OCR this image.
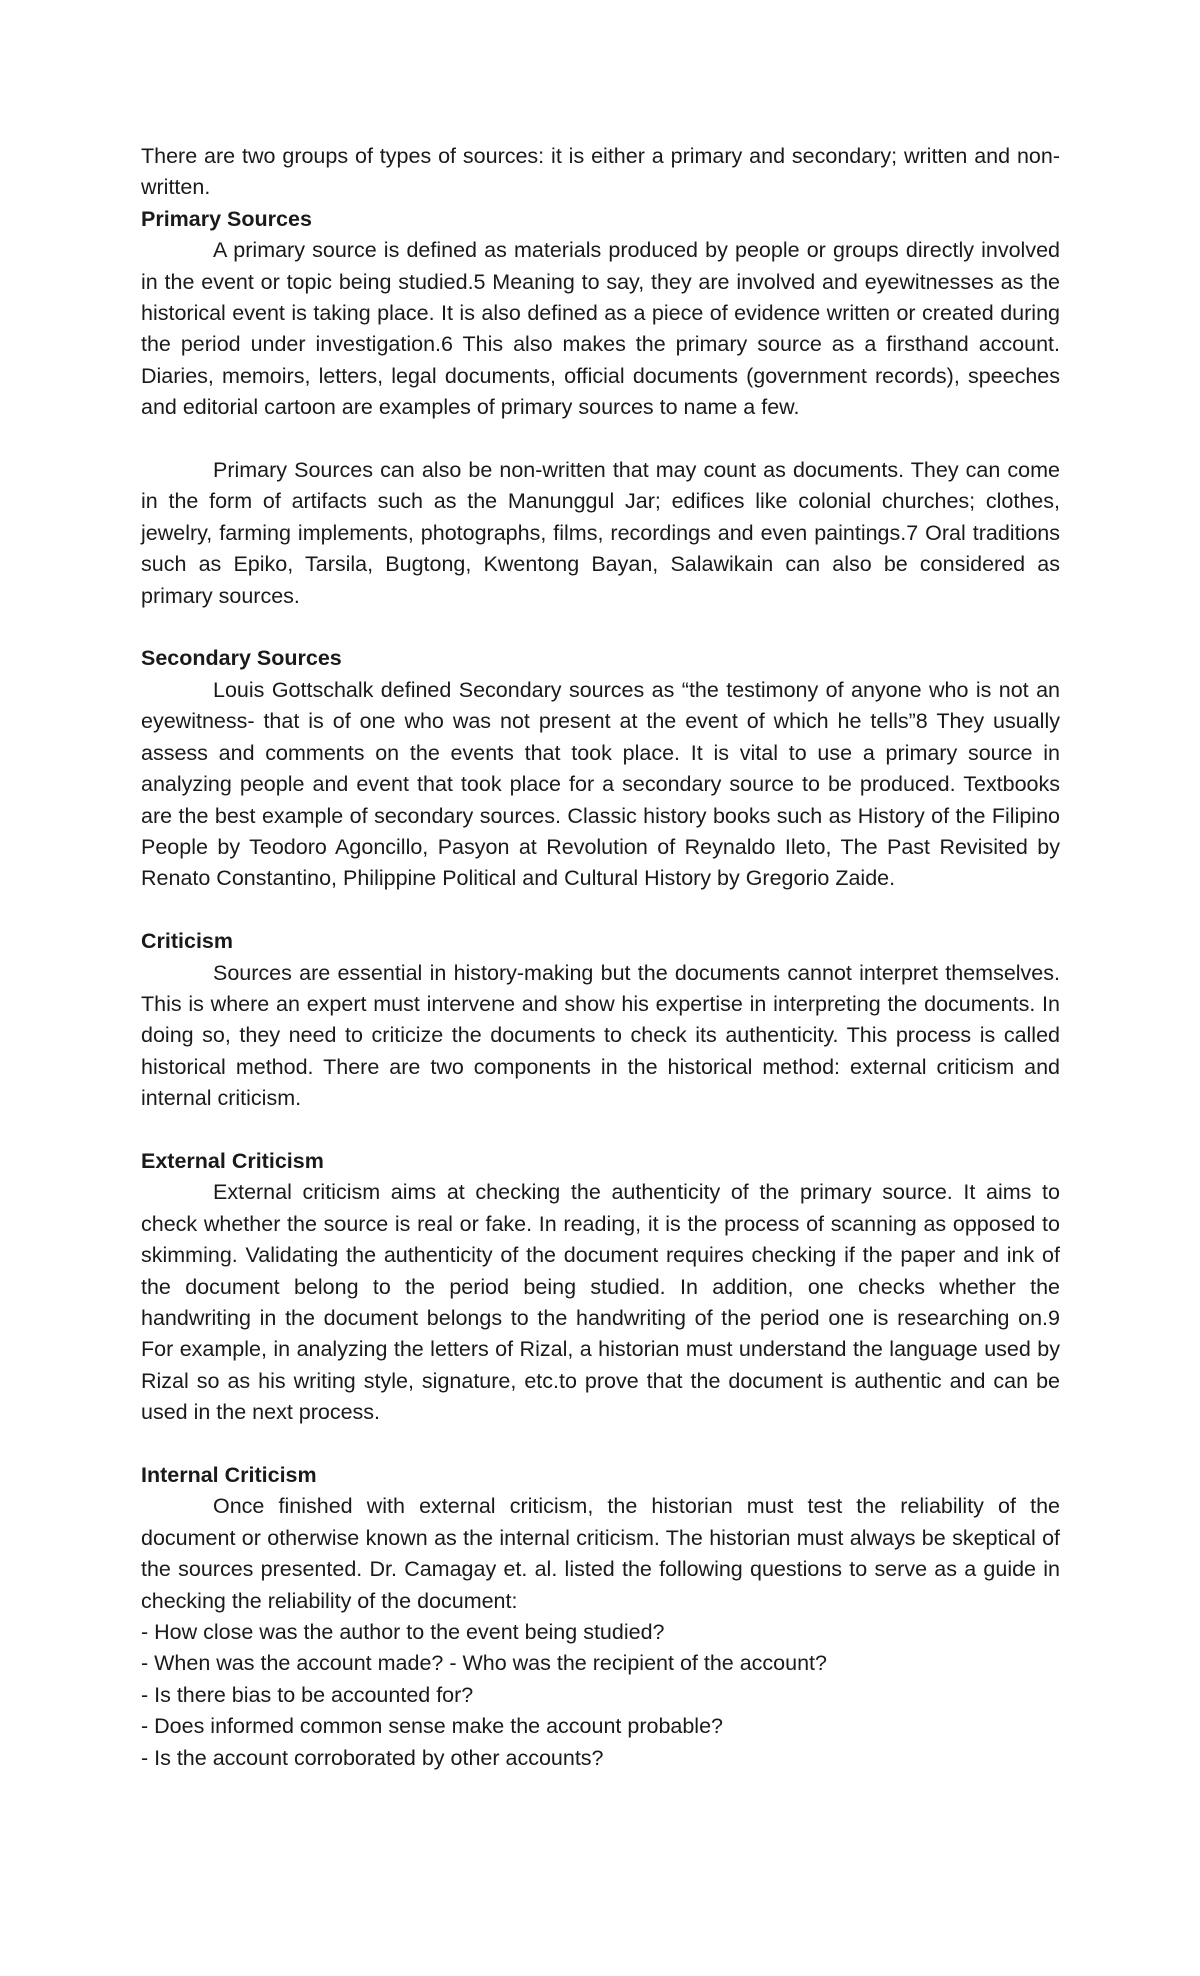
There are two groups of types of sources: it is either a primary and secondary; written and non-written.

Primary Sources

A primary source is defined as materials produced by people or groups directly involved in the event or topic being studied.5 Meaning to say, they are involved and eyewitnesses as the historical event is taking place. It is also defined as a piece of evidence written or created during the period under investigation.6 This also makes the primary source as a firsthand account. Diaries, memoirs, letters, legal documents, official documents (government records), speeches and editorial cartoon are examples of primary sources to name a few.

Primary Sources can also be non-written that may count as documents. They can come in the form of artifacts such as the Manunggul Jar; edifices like colonial churches; clothes, jewelry, farming implements, photographs, films, recordings and even paintings.7 Oral traditions such as Epiko, Tarsila, Bugtong, Kwentong Bayan, Salawikain can also be considered as primary sources.

Secondary Sources

Louis Gottschalk defined Secondary sources as “the testimony of anyone who is not an eyewitness- that is of one who was not present at the event of which he tells”8 They usually assess and comments on the events that took place. It is vital to use a primary source in analyzing people and event that took place for a secondary source to be produced. Textbooks are the best example of secondary sources. Classic history books such as History of the Filipino People by Teodoro Agoncillo, Pasyon at Revolution of Reynaldo Ileto, The Past Revisited by Renato Constantino, Philippine Political and Cultural History by Gregorio Zaide.

Criticism

Sources are essential in history-making but the documents cannot interpret themselves. This is where an expert must intervene and show his expertise in interpreting the documents. In doing so, they need to criticize the documents to check its authenticity. This process is called historical method. There are two components in the historical method: external criticism and internal criticism.

External Criticism

External criticism aims at checking the authenticity of the primary source. It aims to check whether the source is real or fake. In reading, it is the process of scanning as opposed to skimming. Validating the authenticity of the document requires checking if the paper and ink of the document belong to the period being studied. In addition, one checks whether the handwriting in the document belongs to the handwriting of the period one is researching on.9 For example, in analyzing the letters of Rizal, a historian must understand the language used by Rizal so as his writing style, signature, etc.to prove that the document is authentic and can be used in the next process.

Internal Criticism

Once finished with external criticism, the historian must test the reliability of the document or otherwise known as the internal criticism. The historian must always be skeptical of the sources presented. Dr. Camagay et. al. listed the following questions to serve as a guide in checking the reliability of the document:

- How close was the author to the event being studied?
- When was the account made? - Who was the recipient of the account?
- Is there bias to be accounted for?
- Does informed common sense make the account probable?
- Is the account corroborated by other accounts?
